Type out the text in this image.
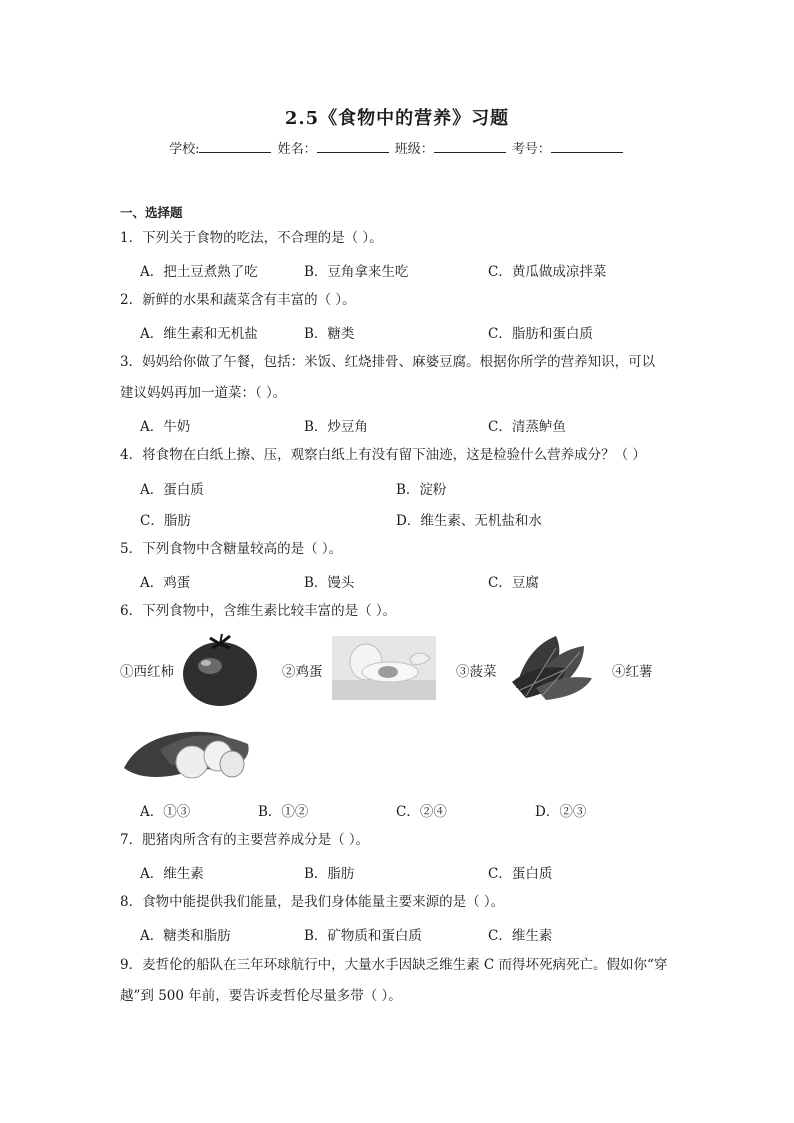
2.5《食物中的营养》习题
学校:	姓名：	班级：	考号：
一、选择题
1．下列关于食物的吃法，不合理的是（ ）。
A．把土豆煮熟了吃	B．豆角拿来生吃	C．黄瓜做成凉拌菜
2．新鲜的水果和蔬菜含有丰富的（ ）。
A．维生素和无机盐	B．糖类	C．脂肪和蛋白质
3．妈妈给你做了午餐，包括：米饭、红烧排骨、麻婆豆腐。根据你所学的营养知识，可以
建议妈妈再加一道菜：（ ）。
A．牛奶	B．炒豆角	C．清蒸鲈鱼
4．将食物在白纸上擦、压，观察白纸上有没有留下油迹，这是检验什么营养成分？（ ）
A．蛋白质	B．淀粉
C．脂肪	D．维生素、无机盐和水
5．下列食物中含糖量较高的是（ ）。
A．鸡蛋	B．馒头	C．豆腐
6．下列食物中，含维生素比较丰富的是（ ）。
①西红柿	②鸡蛋	③菠菜	④红薯
A．①③	B．①②	C．②④	D．②③
7．肥猪肉所含有的主要营养成分是（ ）。
A．维生素	B．脂肪	C．蛋白质
8．食物中能提供我们能量，是我们身体能量主要来源的是（ ）。
A．糖类和脂肪	B．矿物质和蛋白质	C．维生素
9．麦哲伦的船队在三年环球航行中，大量水手因缺乏维生素 C 而得坏死病死亡。假如你“穿
越”到 500 年前，要告诉麦哲伦尽量多带（ ）。
